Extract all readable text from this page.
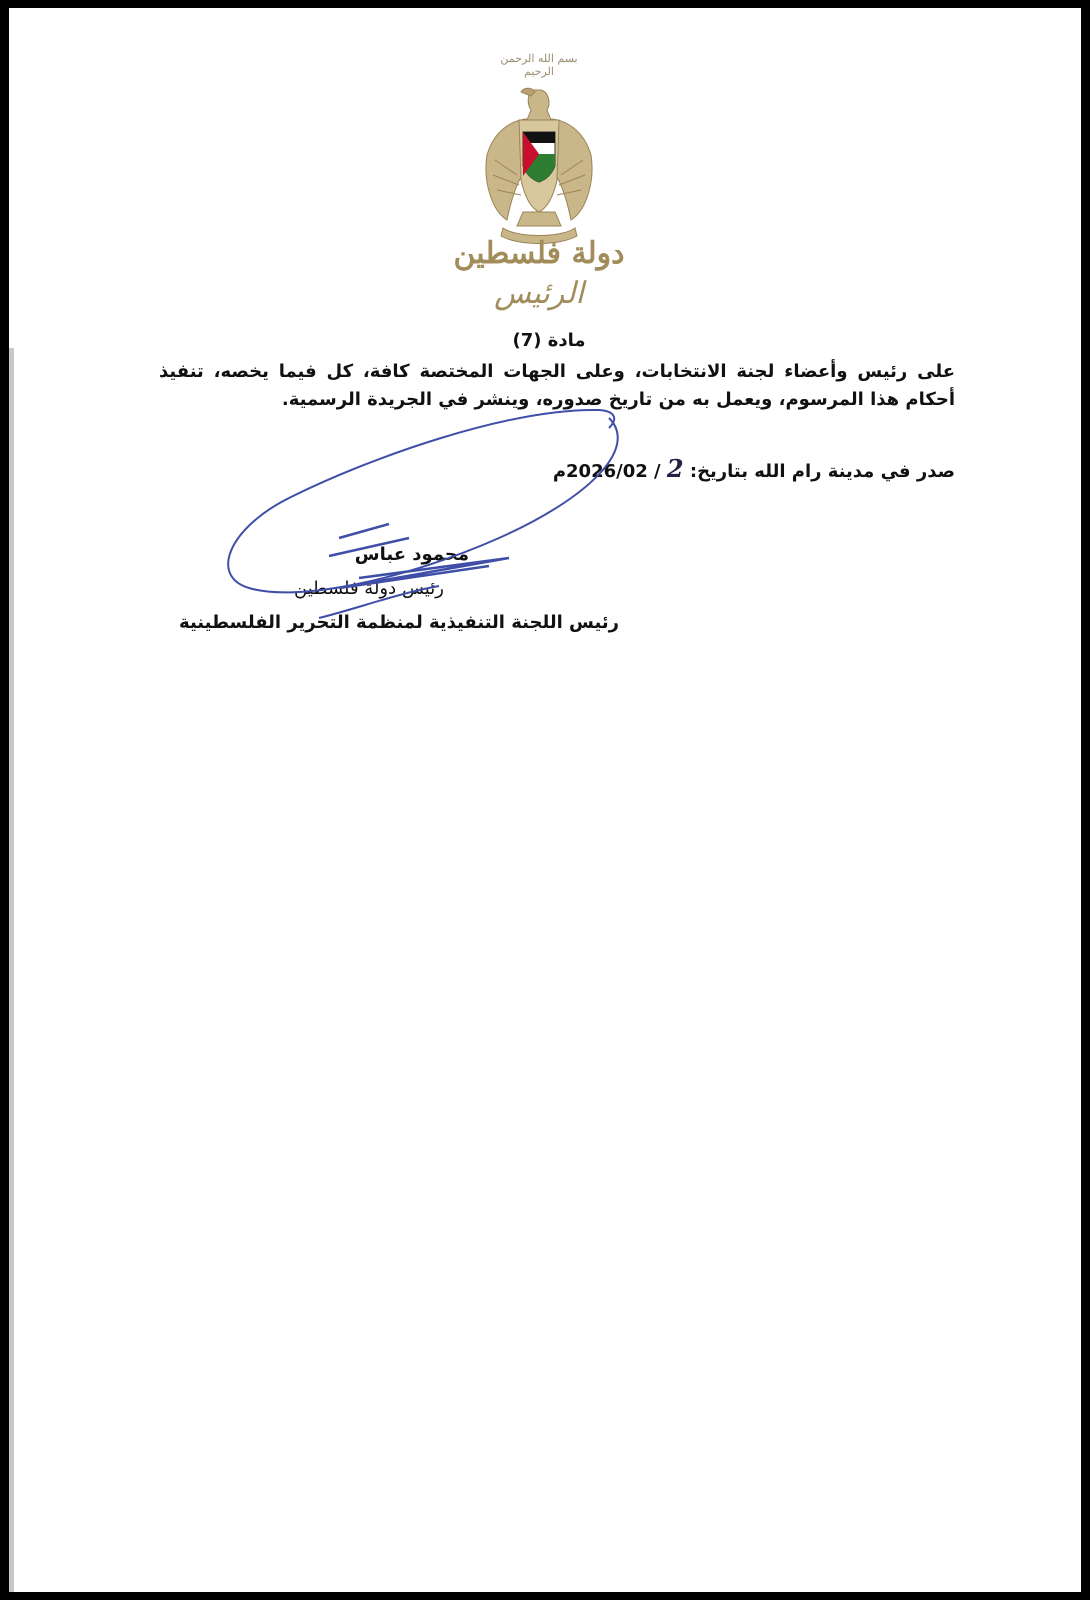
بسم الله الرحمن الرحيم
دولة فلسطين
الرئيس
مادة (7)
على رئيس وأعضاء لجنة الانتخابات، وعلى الجهات المختصة كافة، كل فيما يخصه، تنفيذ أحكام هذا المرسوم، ويعمل به من تاريخ صدوره، وينشر في الجريدة الرسمية.
صدر في مدينة رام الله بتاريخ: 2 / 2026/02م
محمود عباس
رئيس دولة فلسطين
رئيس اللجنة التنفيذية لمنظمة التحرير الفلسطينية
